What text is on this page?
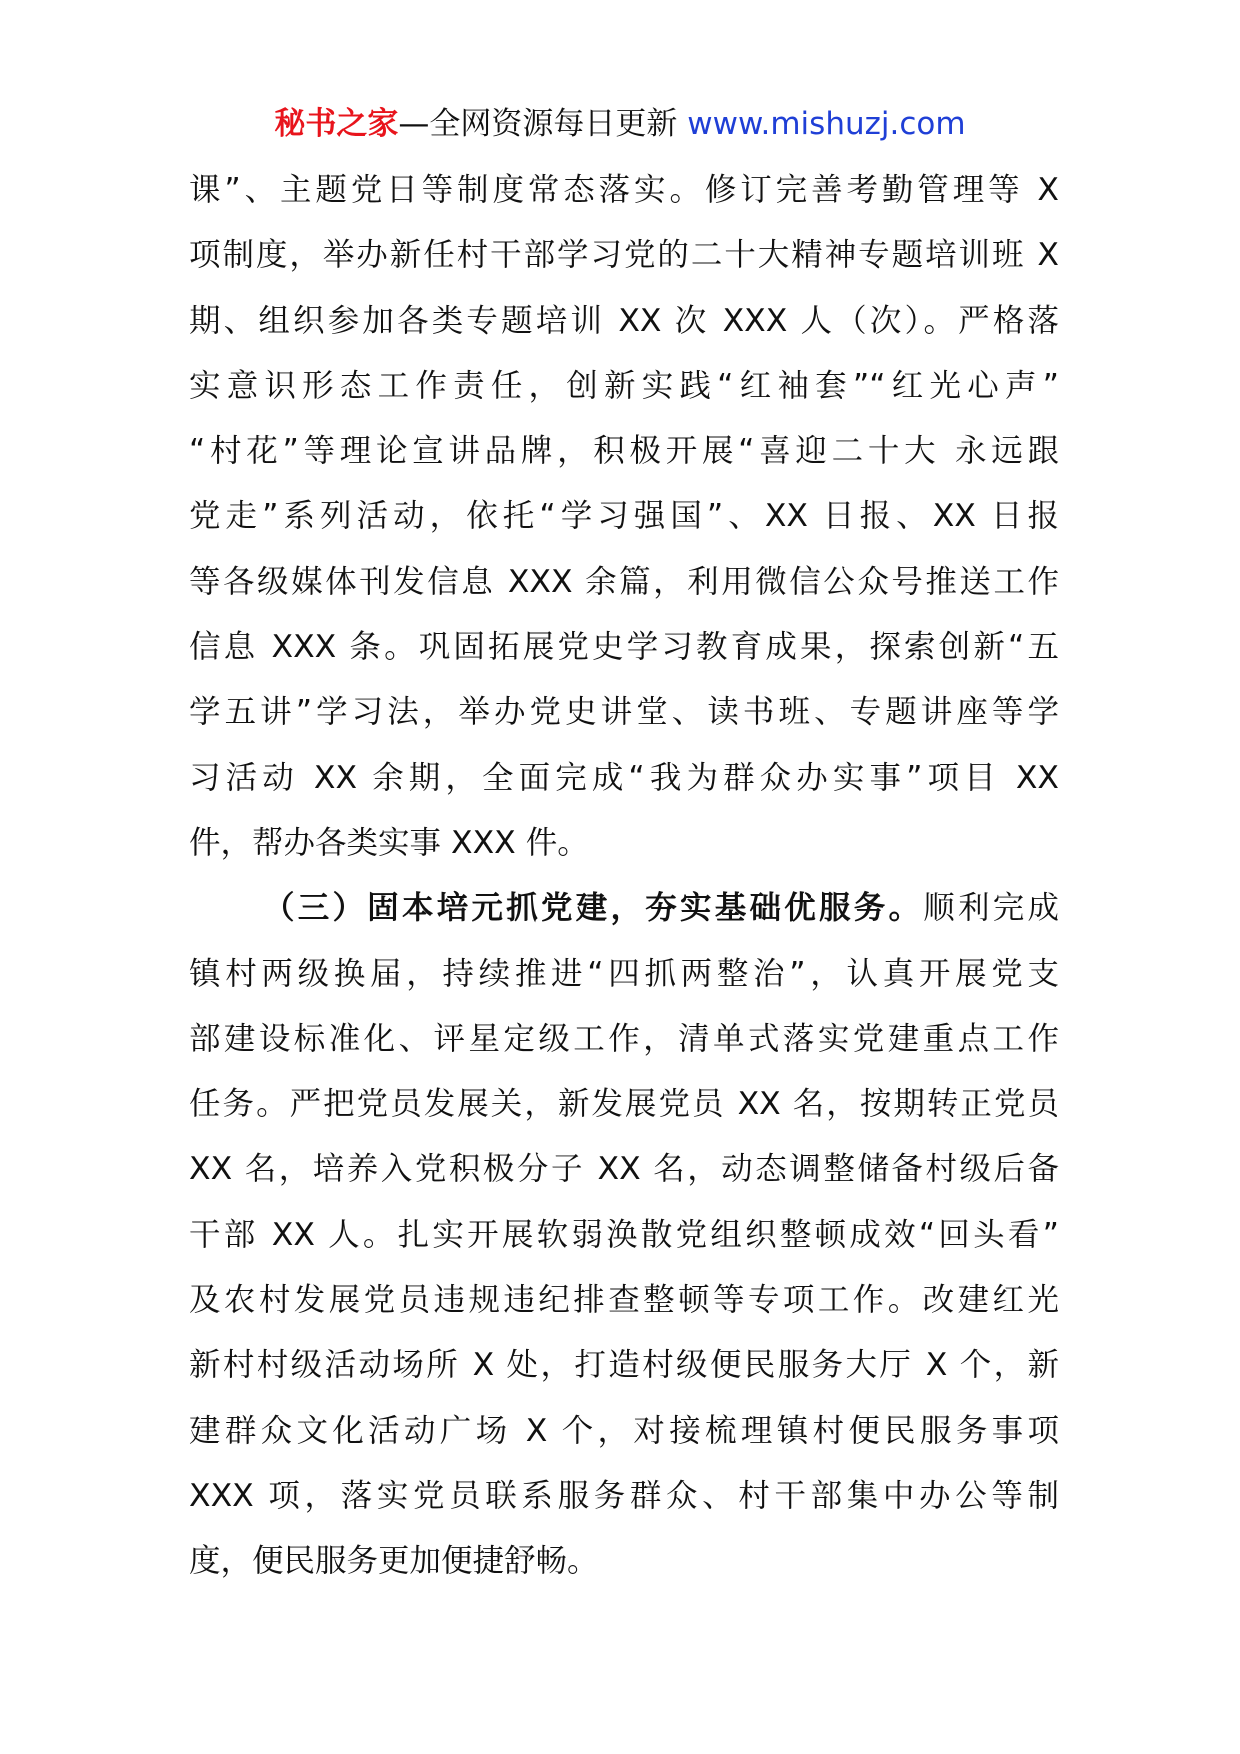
秘书之家—全网资源每日更新 www.mishuzj.com
课”、主题党日等制度常态落实。修订完善考勤管理等 X
项制度，举办新任村干部学习党的二十大精神专题培训班 X
期、组织参加各类专题培训 XX 次 XXX 人（次）。严格落
实意识形态工作责任，创新实践“红袖套”“红光心声”
“村花”等理论宣讲品牌，积极开展“喜迎二十大 永远跟
党走”系列活动，依托“学习强国”、XX 日报、XX 日报
等各级媒体刊发信息 XXX 余篇，利用微信公众号推送工作
信息 XXX 条。巩固拓展党史学习教育成果，探索创新“五
学五讲”学习法，举办党史讲堂、读书班、专题讲座等学
习活动 XX 余期，全面完成“我为群众办实事”项目 XX
件，帮办各类实事 XXX 件。
（三）固本培元抓党建，夯实基础优服务。顺利完成
镇村两级换届，持续推进“四抓两整治”，认真开展党支
部建设标准化、评星定级工作，清单式落实党建重点工作
任务。严把党员发展关，新发展党员 XX 名，按期转正党员
XX 名，培养入党积极分子 XX 名，动态调整储备村级后备
干部 XX 人。扎实开展软弱涣散党组织整顿成效“回头看”
及农村发展党员违规违纪排查整顿等专项工作。改建红光
新村村级活动场所 X 处，打造村级便民服务大厅 X 个，新
建群众文化活动广场 X 个，对接梳理镇村便民服务事项
XXX 项，落实党员联系服务群众、村干部集中办公等制
度，便民服务更加便捷舒畅。
